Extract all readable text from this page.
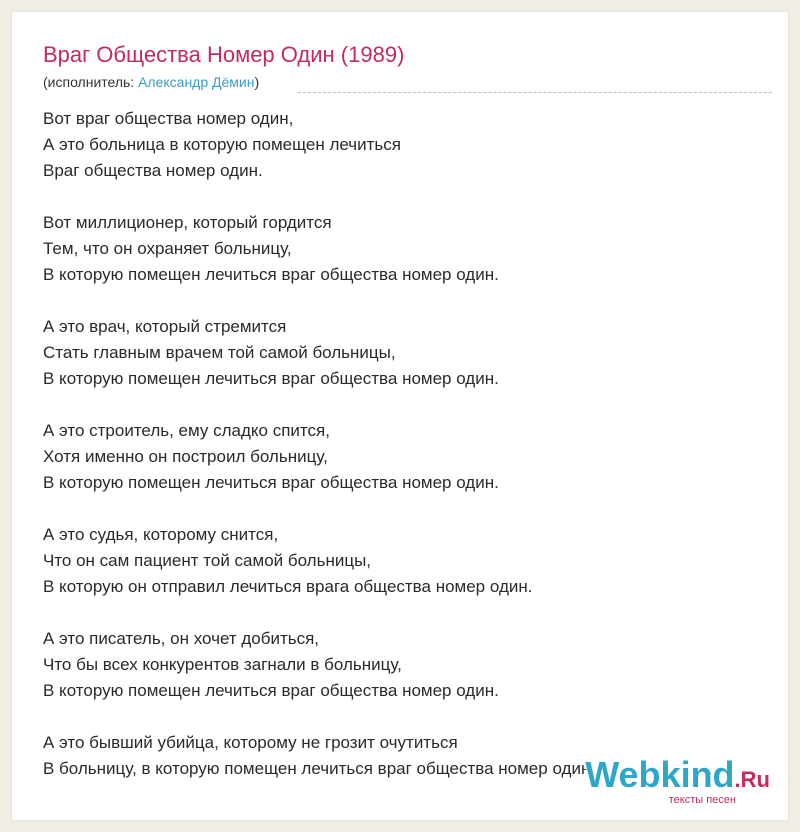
Враг Общества Номер Один (1989)
(исполнитель: Александр Дёмин)
Вот враг общества номер один,
А это больница в которую помещен лечиться
Враг общества номер один.
Вот миллиционер, который гордится
Тем, что он охраняет больницу,
В которую помещен лечиться враг общества номер один.
А это врач, который стремится
Стать главным врачем той самой больницы,
В которую помещен лечиться враг общества номер один.
А это строитель, ему сладко спится,
Хотя именно он построил больницу,
В которую помещен лечиться враг общества номер один.
А это судья, которому снится,
Что он сам пациент той самой больницы,
В которую он отправил лечиться врага общества номер один.
А это писатель, он хочет добиться,
Что бы всех конкурентов загнали в больницу,
В которую помещен лечиться враг общества номер один.
А это бывший убийца, которому не грозит очутиться
В больницу, в которую помещен лечиться враг общества номер один
Webkind.Ru
тексты песен
